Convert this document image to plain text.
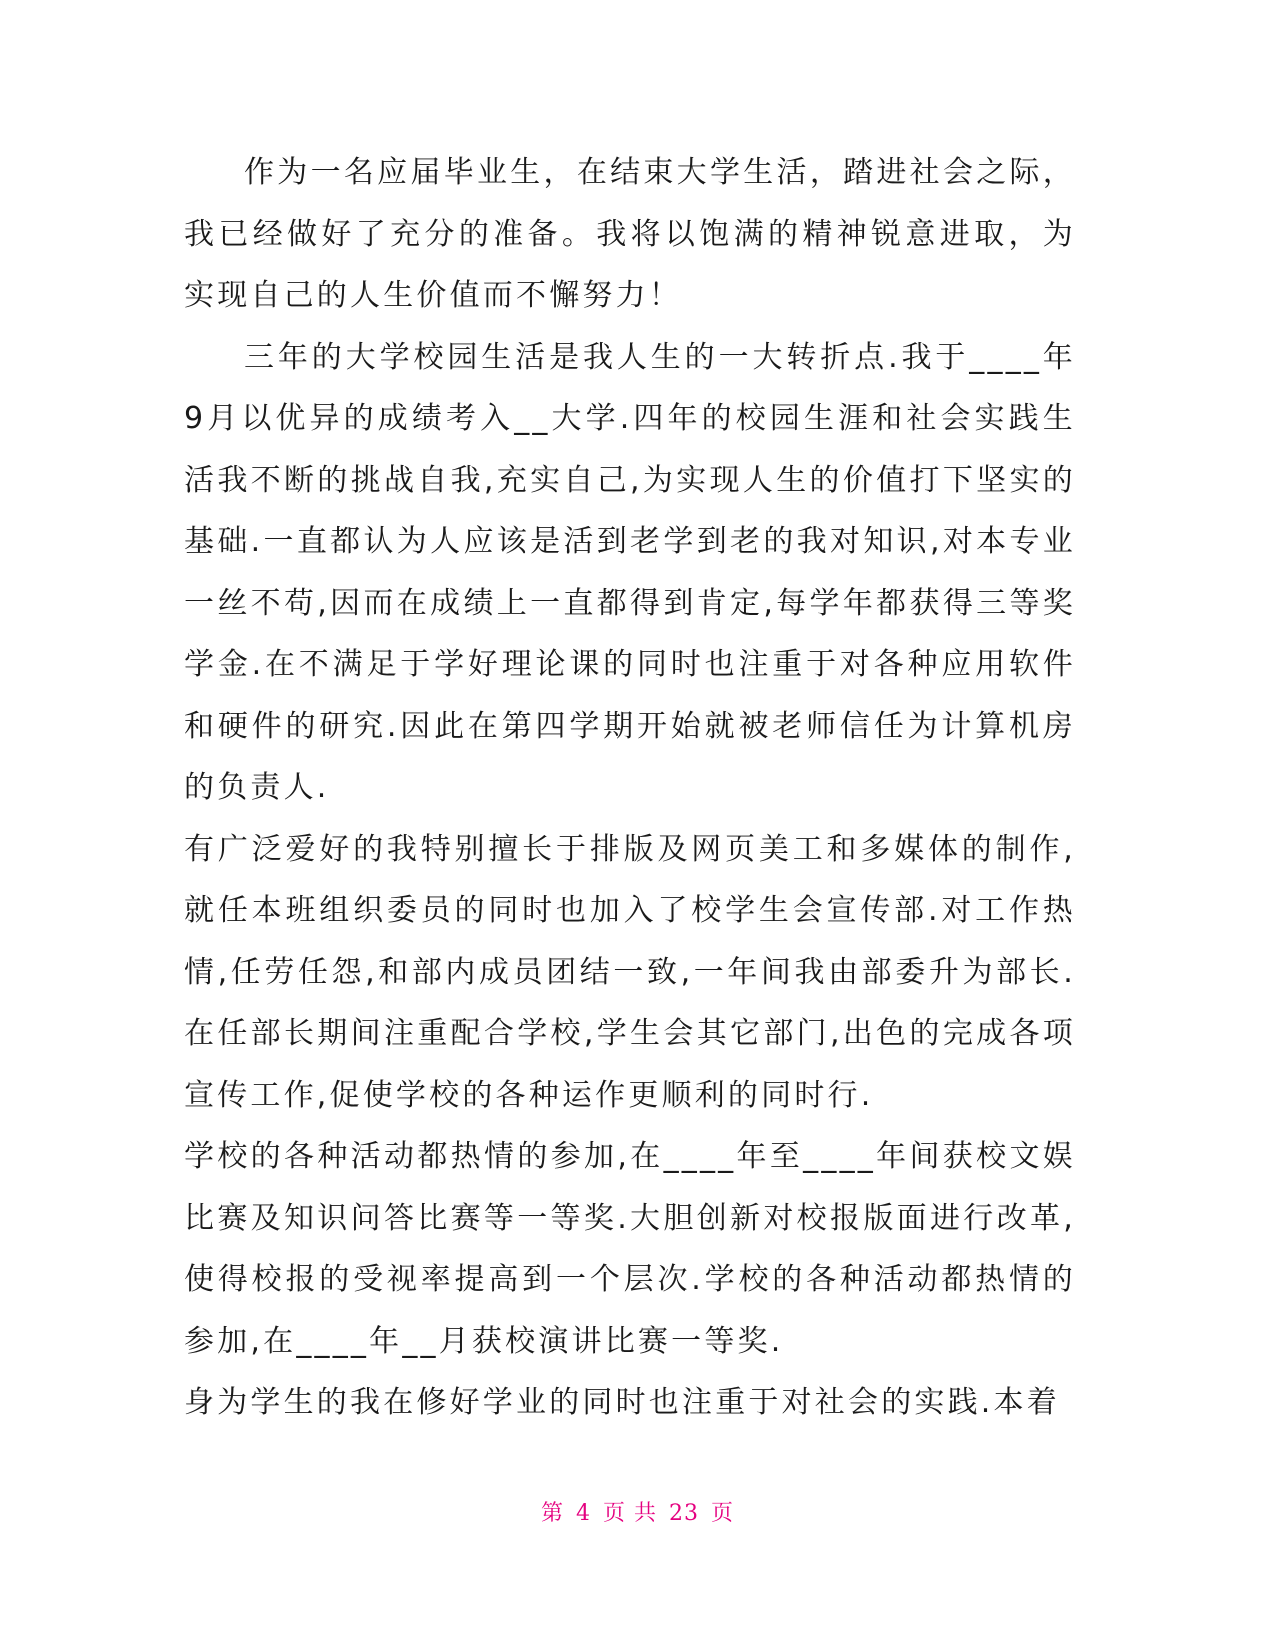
作为一名应届毕业生，在结束大学生活，踏进社会之际，我已经做好了充分的准备。我将以饱满的精神锐意进取，为实现自己的人生价值而不懈努力！

三年的大学校园生活是我人生的一大转折点.我于____年9月以优异的成绩考入__大学.四年的校园生涯和社会实践生活我不断的挑战自我,充实自己,为实现人生的价值打下坚实的基础.一直都认为人应该是活到老学到老的我对知识,对本专业一丝不苟,因而在成绩上一直都得到肯定,每学年都获得三等奖学金.在不满足于学好理论课的同时也注重于对各种应用软件和硬件的研究.因此在第四学期开始就被老师信任为计算机房的负责人.

有广泛爱好的我特别擅长于排版及网页美工和多媒体的制作,就任本班组织委员的同时也加入了校学生会宣传部.对工作热情,任劳任怨,和部内成员团结一致,一年间我由部委升为部长.在任部长期间注重配合学校,学生会其它部门,出色的完成各项宣传工作,促使学校的各种运作更顺利的同时行.

学校的各种活动都热情的参加,在____年至____年间获校文娱比赛及知识问答比赛等一等奖.大胆创新对校报版面进行改革,使得校报的受视率提高到一个层次.学校的各种活动都热情的参加,在____年__月获校演讲比赛一等奖.

身为学生的我在修好学业的同时也注重于对社会的实践.本着

第 4 页 共 23 页
